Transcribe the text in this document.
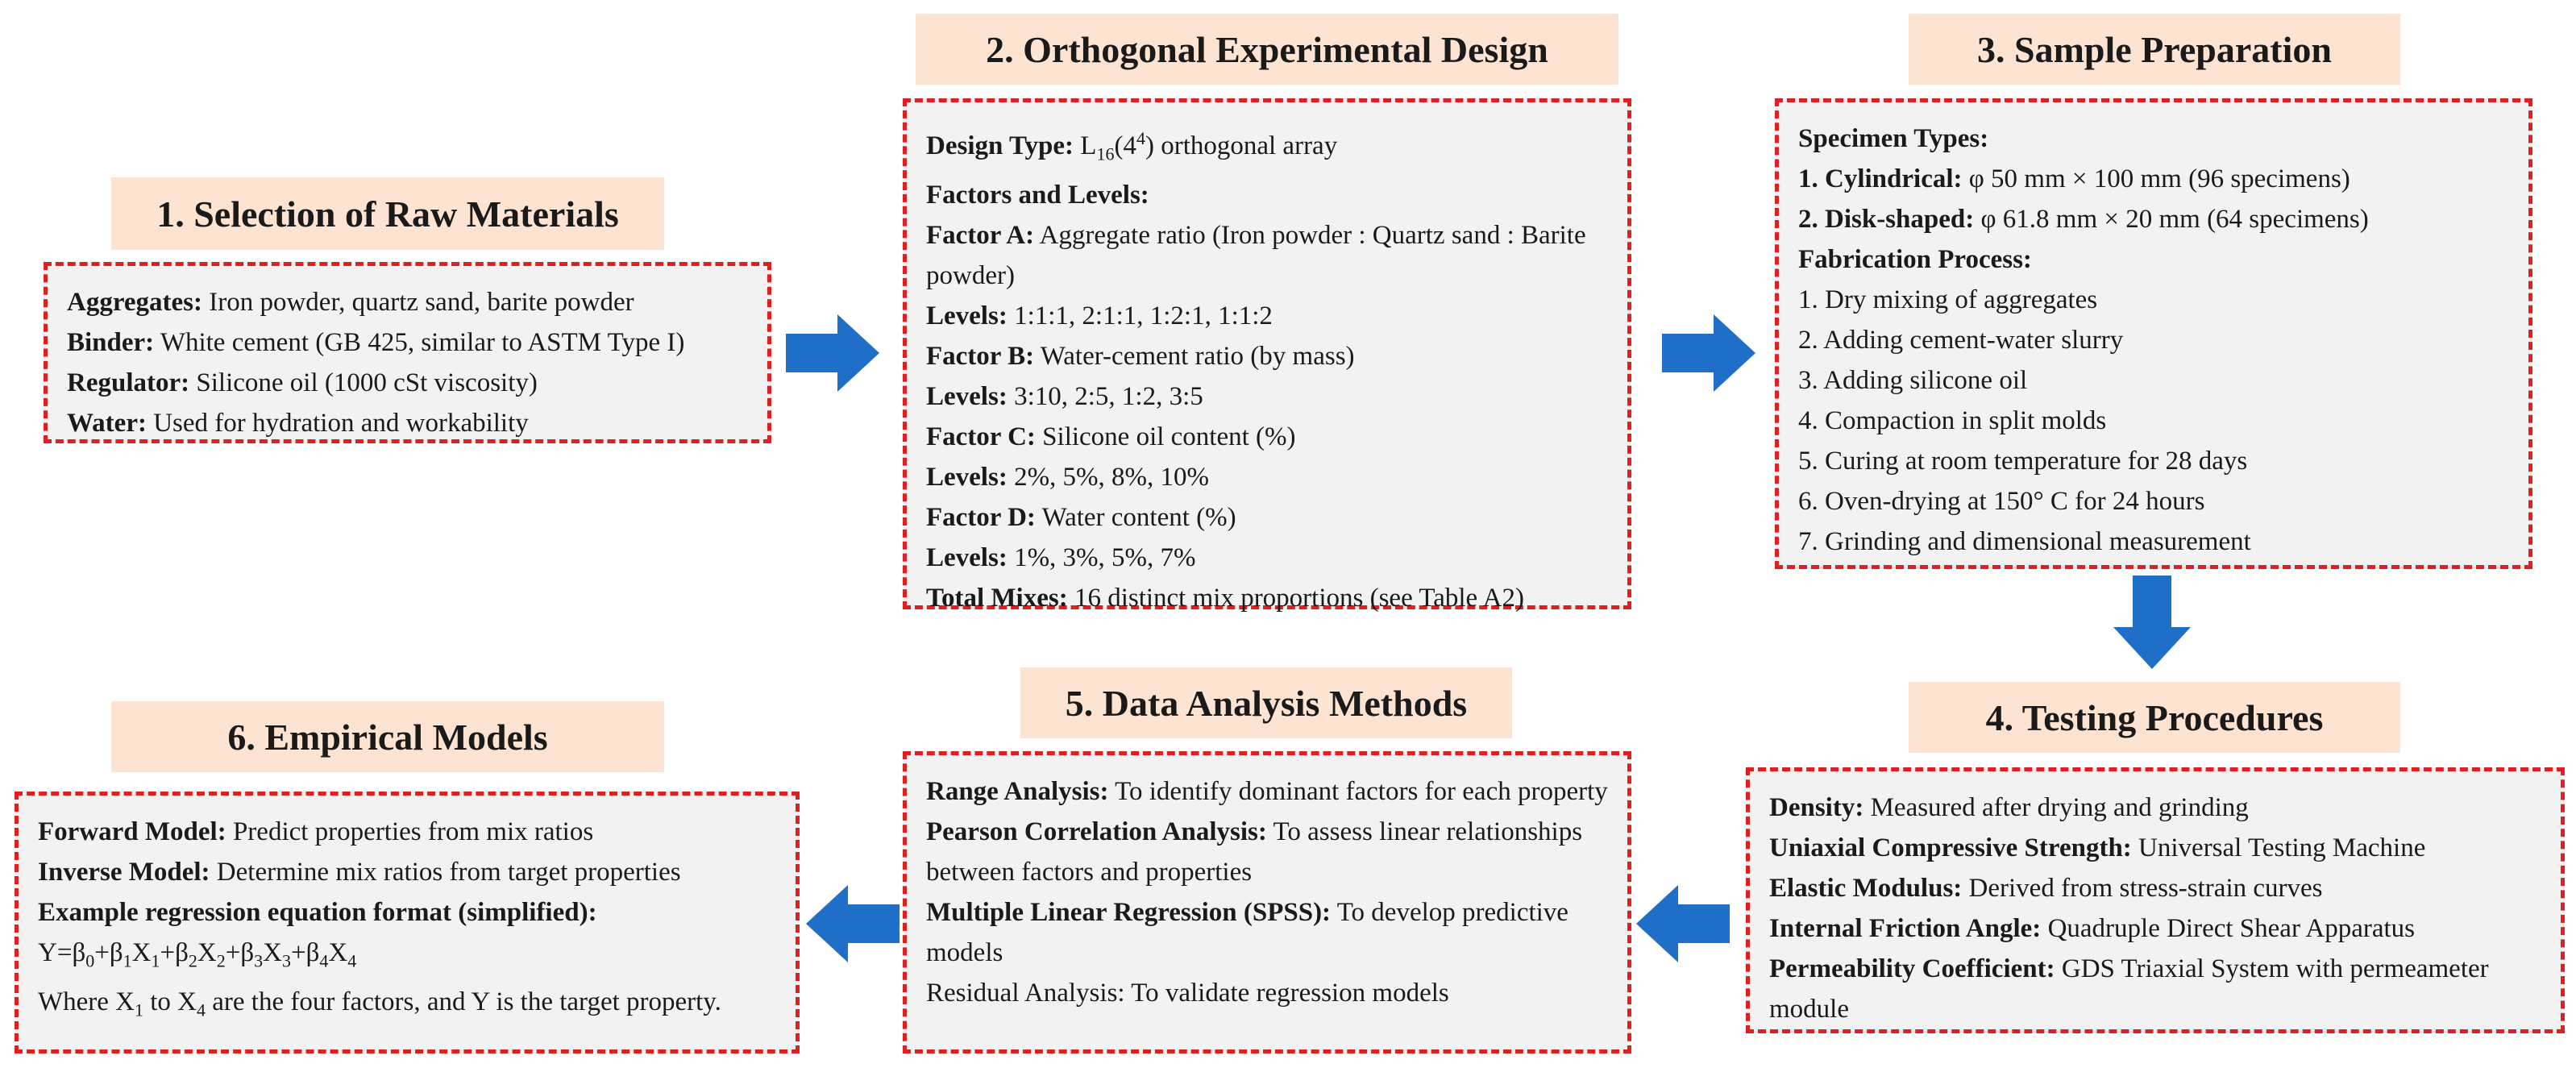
1. Selection of Raw Materials
Aggregates: Iron powder, quartz sand, barite powder
Binder: White cement (GB 425, similar to ASTM Type I)
Regulator: Silicone oil (1000 cSt viscosity)
Water: Used for hydration and workability
2. Orthogonal Experimental Design
Design Type: $L_{16}(4^4)$ orthogonal array
Factors and Levels:
Factor A: Aggregate ratio (Iron powder : Quartz sand : Barite powder)
Levels: 1:1:1, 2:1:1, 1:2:1, 1:1:2
Factor B: Water-cement ratio (by mass)
Levels: 3:10, 2:5, 1:2, 3:5
Factor C: Silicone oil content (%)
Levels: 2%, 5%, 8%, 10%
Factor D: Water content (%)
Levels: 1%, 3%, 5%, 7%
Total Mixes: 16 distinct mix proportions (see Table A2)
3. Sample Preparation
Specimen Types:
1. Cylindrical: φ 50 mm × 100 mm (96 specimens)
2. Disk-shaped: φ 61.8 mm × 20 mm (64 specimens)
Fabrication Process:
1. Dry mixing of aggregates
2. Adding cement-water slurry
3. Adding silicone oil
4. Compaction in split molds
5. Curing at room temperature for 28 days
6. Oven-drying at 150° C for 24 hours
7. Grinding and dimensional measurement
4. Testing Procedures
Density: Measured after drying and grinding
Uniaxial Compressive Strength: Universal Testing Machine
Elastic Modulus: Derived from stress-strain curves
Internal Friction Angle: Quadruple Direct Shear Apparatus
Permeability Coefficient: GDS Triaxial System with permeameter module
5. Data Analysis Methods
Range Analysis: To identify dominant factors for each property
Pearson Correlation Analysis: To assess linear relationships between factors and properties
Multiple Linear Regression (SPSS): To develop predictive models
Residual Analysis: To validate regression models
6. Empirical Models
Forward Model: Predict properties from mix ratios
Inverse Model: Determine mix ratios from target properties
Example regression equation format (simplified):
$Y=\beta_0+\beta_1X_1+\beta_2X_2+\beta_3X_3+\beta_4X_4$
Where $X_1$ to $X_4$ are the four factors, and Y is the target property.
